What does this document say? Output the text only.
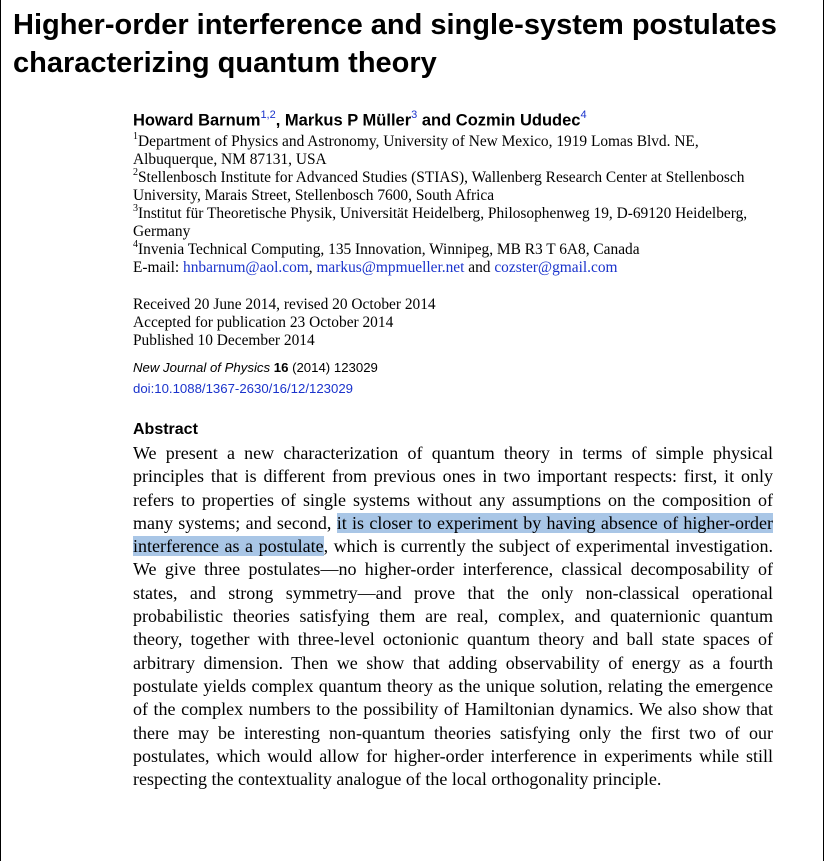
Higher-order interference and single-system postulates characterizing quantum theory
Howard Barnum$^{1,2}$, Markus P Müller$^3$ and Cozmin Ududec$^4$

$^1$Department of Physics and Astronomy, University of New Mexico, 1919 Lomas Blvd. NE, Albuquerque, NM 87131, USA

$^2$Stellenbosch Institute for Advanced Studies (STIAS), Wallenberg Research Center at Stellenbosch University, Marais Street, Stellenbosch 7600, South Africa

$^3$Institut für Theoretische Physik, Universität Heidelberg, Philosophenweg 19, D-69120 Heidelberg, Germany

$^4$Invenia Technical Computing, 135 Innovation, Winnipeg, MB R3 T 6A8, Canada

E-mail: hnbarnum@aol.com, markus@mpmueller.net and cozster@gmail.com

Received 20 June 2014, revised 20 October 2014
Accepted for publication 23 October 2014
Published 10 December 2014
New Journal of Physics 16 (2014) 123029
doi:10.1088/1367-2630/16/12/123029
Abstract

We present a new characterization of quantum theory in terms of simple physical principles that is different from previous ones in two important respects: first, it only refers to properties of single systems without any assumptions on the composition of many systems; and second, it is closer to experiment by having absence of higher-order interference as a postulate, which is currently the subject of experimental investigation. We give three postulates—no higher-order interference, classical decomposability of states, and strong symmetry—and prove that the only non-classical operational probabilistic theories satisfying them are real, complex, and quaternionic quantum theory, together with three-level octonionic quantum theory and ball state spaces of arbitrary dimension. Then we show that adding observability of energy as a fourth postulate yields complex quantum theory as the unique solution, relating the emergence of the complex numbers to the possibility of Hamiltonian dynamics. We also show that there may be interesting non-quantum theories satisfying only the first two of our postulates, which would allow for higher-order interference in experiments while still respecting the contextuality analogue of the local orthogonality principle.
